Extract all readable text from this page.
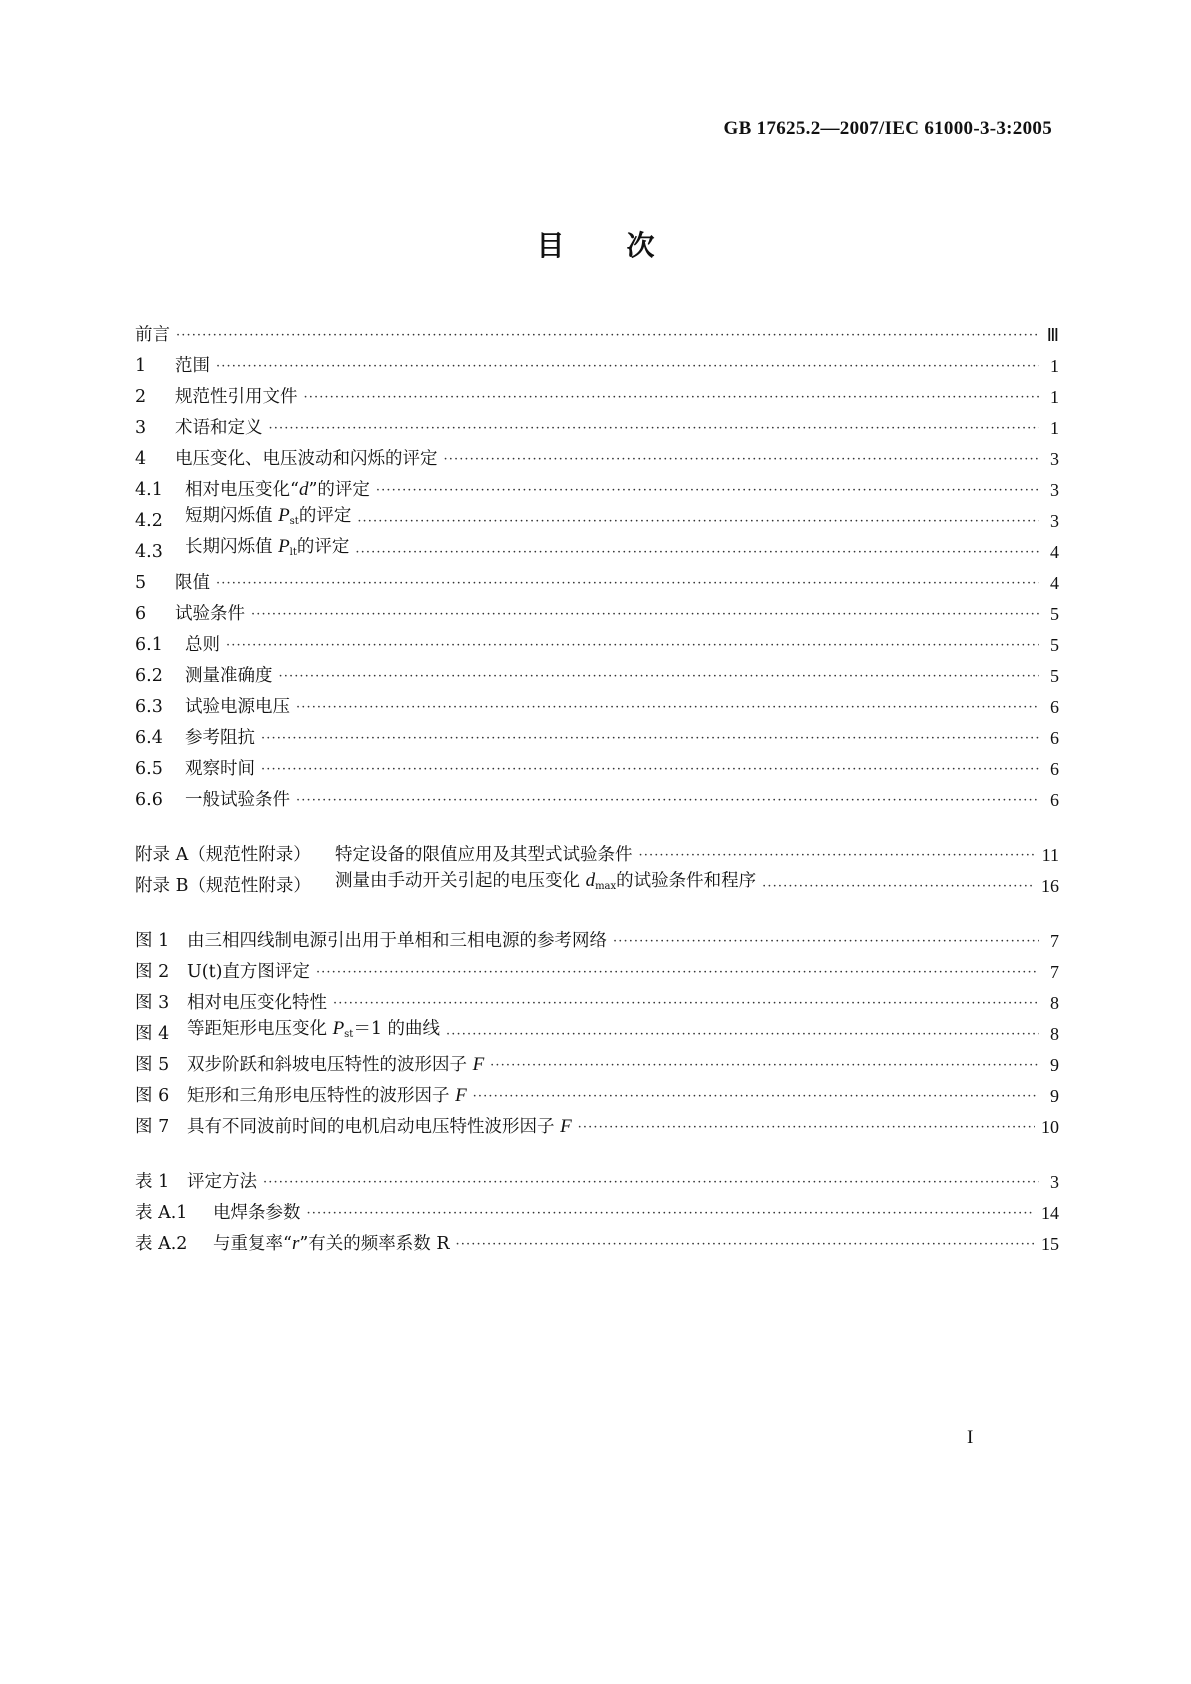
GB 17625.2—2007/IEC 61000-3-3:2005
目 次
前言 ·····	Ⅲ
1	范围 ·····	1
2	规范性引用文件 ·····	1
3	术语和定义 ·····	1
4	电压变化、电压波动和闪烁的评定 ·····	3
4.1	相对电压变化“d”的评定 ·····	3
4.2	短期闪烁值 $P_{st}$的评定 ·····	3
4.3	长期闪烁值 $P_{lt}$的评定 ·····	4
5	限值 ·····	4
6	试验条件 ·····	5
6.1	总则 ·····	5
6.2	测量准确度 ·····	5
6.3	试验电源电压 ·····	6
6.4	参考阻抗 ·····	6
6.5	观察时间 ·····	6
6.6	一般试验条件 ·····	6
附录 A（规范性附录）	特定设备的限值应用及其型式试验条件 ·····	11
附录 B（规范性附录）	测量由手动开关引起的电压变化 $d_{max}$的试验条件和程序 ·····	16
图 1	由三相四线制电源引出用于单相和三相电源的参考网络 ·····	7
图 2	U(t)直方图评定 ·····	7
图 3	相对电压变化特性 ·····	8
图 4	等距矩形电压变化 $P_{st}=1$ 的曲线 ·····	8
图 5	双步阶跃和斜坡电压特性的波形因子 F ·····	9
图 6	矩形和三角形电压特性的波形因子 F ·····	9
图 7	具有不同波前时间的电机启动电压特性波形因子 F ·····	10
表 1	评定方法 ·····	3
表 A.1	电焊条参数 ·····	14
表 A.2	与重复率“r”有关的频率系数 R ·····	15
I
